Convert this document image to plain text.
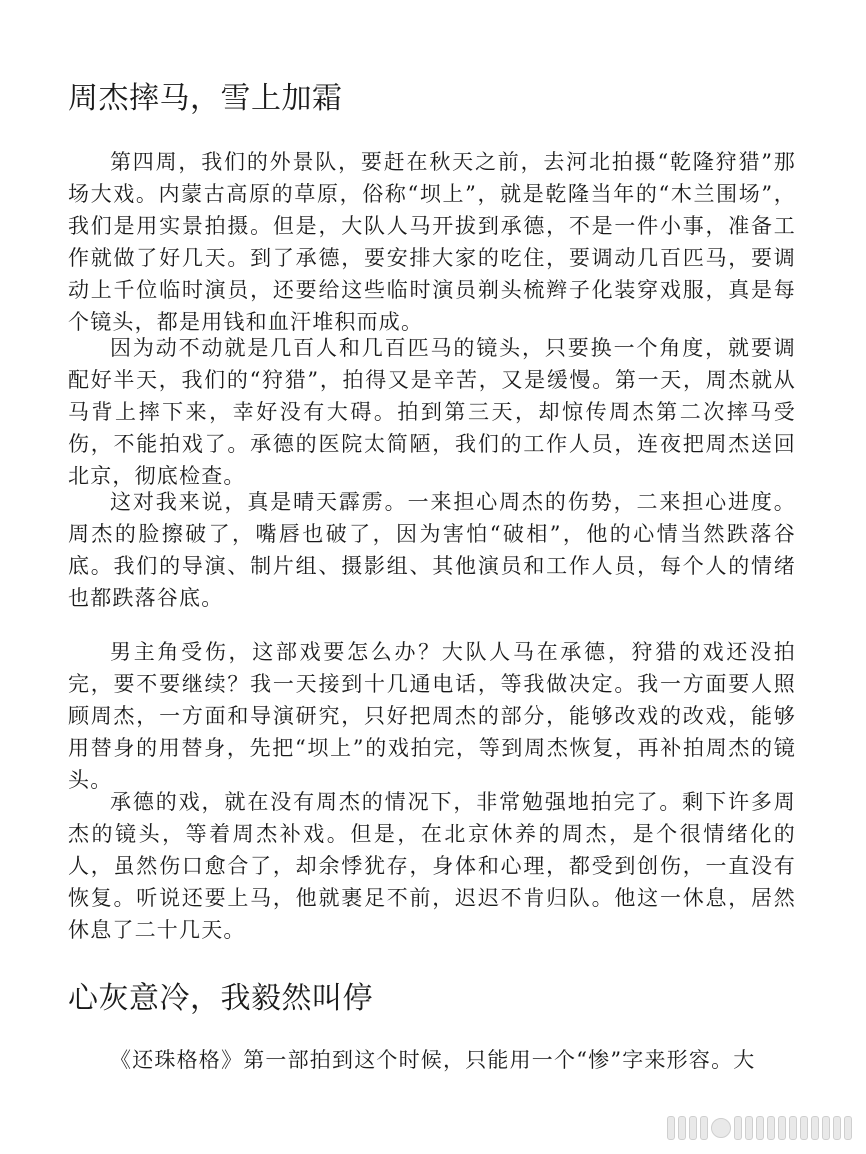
周杰摔马，雪上加霜

第四周，我们的外景队，要赶在秋天之前，去河北拍摄“乾隆狩猎”那场大戏。内蒙古高原的草原，俗称“坝上”，就是乾隆当年的“木兰围场”，我们是用实景拍摄。但是，大队人马开拔到承德，不是一件小事，准备工作就做了好几天。到了承德，要安排大家的吃住，要调动几百匹马，要调动上千位临时演员，还要给这些临时演员剃头梳辫子化装穿戏服，真是每个镜头，都是用钱和血汗堆积而成。

因为动不动就是几百人和几百匹马的镜头，只要换一个角度，就要调配好半天，我们的“狩猎”，拍得又是辛苦，又是缓慢。第一天，周杰就从马背上摔下来，幸好没有大碍。拍到第三天，却惊传周杰第二次摔马受伤，不能拍戏了。承德的医院太简陋，我们的工作人员，连夜把周杰送回北京，彻底检查。

这对我来说，真是晴天霹雳。一来担心周杰的伤势，二来担心进度。周杰的脸擦破了，嘴唇也破了，因为害怕“破相”，他的心情当然跌落谷底。我们的导演、制片组、摄影组、其他演员和工作人员，每个人的情绪也都跌落谷底。

男主角受伤，这部戏要怎么办？大队人马在承德，狩猎的戏还没拍完，要不要继续？我一天接到十几通电话，等我做决定。我一方面要人照顾周杰，一方面和导演研究，只好把周杰的部分，能够改戏的改戏，能够用替身的用替身，先把“坝上”的戏拍完，等到周杰恢复，再补拍周杰的镜头。

承德的戏，就在没有周杰的情况下，非常勉强地拍完了。剩下许多周杰的镜头，等着周杰补戏。但是，在北京休养的周杰，是个很情绪化的人，虽然伤口愈合了，却余悸犹存，身体和心理，都受到创伤，一直没有恢复。听说还要上马，他就裹足不前，迟迟不肯归队。他这一休息，居然休息了二十几天。

心灰意冷，我毅然叫停

《还珠格格》第一部拍到这个时候，只能用一个“惨”字来形容。大
